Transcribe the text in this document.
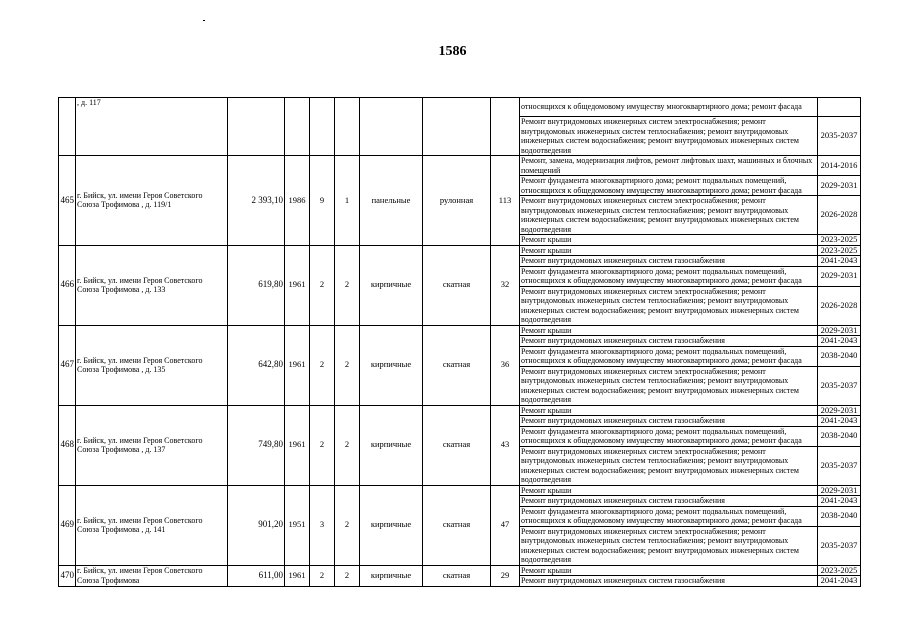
1586
	, д. 117								относящихся к общедомовому имуществу многоквартирного дома; ремонт фасада	
									Ремонт внутридомовых инженерных систем электроснабжения; ремонт внутридомовых инженерных систем теплоснабжения; ремонт внутридомовых инженерных систем водоснабжения; ремонт внутридомовых инженерных систем водоотведения	2035-2037
465	г. Бийск, ул. имени Героя Советского Союза Трофимова , д. 119/1	2 393,10	1986	9	1	панельные	рулонная	113	Ремонт, замена, модернизация лифтов, ремонт лифтовых шахт, машинных и блочных помещений	2014-2016
									Ремонт фундамента многоквартирного дома; ремонт подвальных помещений, относящихся к общедомовому имуществу многоквартирного дома; ремонт фасада	2029-2031
									Ремонт внутридомовых инженерных систем электроснабжения; ремонт внутридомовых инженерных систем теплоснабжения; ремонт внутридомовых инженерных систем водоснабжения; ремонт внутридомовых инженерных систем водоотведения	2026-2028
									Ремонт крыши	2023-2025
466	г. Бийск, ул. имени Героя Советского Союза Трофимова , д. 133	619,80	1961	2	2	кирпичные	скатная	32	Ремонт крыши	2023-2025
									Ремонт внутридомовых инженерных систем газоснабжения	2041-2043
									Ремонт фундамента многоквартирного дома; ремонт подвальных помещений, относящихся к общедомовому имуществу многоквартирного дома; ремонт фасада	2029-2031
									Ремонт внутридомовых инженерных систем электроснабжения; ремонт внутридомовых инженерных систем теплоснабжения; ремонт внутридомовых инженерных систем водоснабжения; ремонт внутридомовых инженерных систем водоотведения	2026-2028
467	г. Бийск, ул. имени Героя Советского Союза Трофимова , д. 135	642,80	1961	2	2	кирпичные	скатная	36	Ремонт крыши	2029-2031
									Ремонт внутридомовых инженерных систем газоснабжения	2041-2043
									Ремонт фундамента многоквартирного дома; ремонт подвальных помещений, относящихся к общедомовому имуществу многоквартирного дома; ремонт фасада	2038-2040
									Ремонт внутридомовых инженерных систем электроснабжения; ремонт внутридомовых инженерных систем теплоснабжения; ремонт внутридомовых инженерных систем водоснабжения; ремонт внутридомовых инженерных систем водоотведения	2035-2037
468	г. Бийск, ул. имени Героя Советского Союза Трофимова , д. 137	749,80	1961	2	2	кирпичные	скатная	43	Ремонт крыши	2029-2031
									Ремонт внутридомовых инженерных систем газоснабжения	2041-2043
									Ремонт фундамента многоквартирного дома; ремонт подвальных помещений, относящихся к общедомовому имуществу многоквартирного дома; ремонт фасада	2038-2040
									Ремонт внутридомовых инженерных систем электроснабжения; ремонт внутридомовых инженерных систем теплоснабжения; ремонт внутридомовых инженерных систем водоснабжения; ремонт внутридомовых инженерных систем водоотведения	2035-2037
469	г. Бийск, ул. имени Героя Советского Союза Трофимова , д. 141	901,20	1951	3	2	кирпичные	скатная	47	Ремонт крыши	2029-2031
									Ремонт внутридомовых инженерных систем газоснабжения	2041-2043
									Ремонт фундамента многоквартирного дома; ремонт подвальных помещений, относящихся к общедомовому имуществу многоквартирного дома; ремонт фасада	2038-2040
									Ремонт внутридомовых инженерных систем электроснабжения; ремонт внутридомовых инженерных систем теплоснабжения; ремонт внутридомовых инженерных систем водоснабжения; ремонт внутридомовых инженерных систем водоотведения	2035-2037
470	г. Бийск, ул. имени Героя Советского Союза Трофимова	611,00	1961	2	2	кирпичные	скатная	29	Ремонт крыши	2023-2025
									Ремонт внутридомовых инженерных систем газоснабжения	2041-2043
